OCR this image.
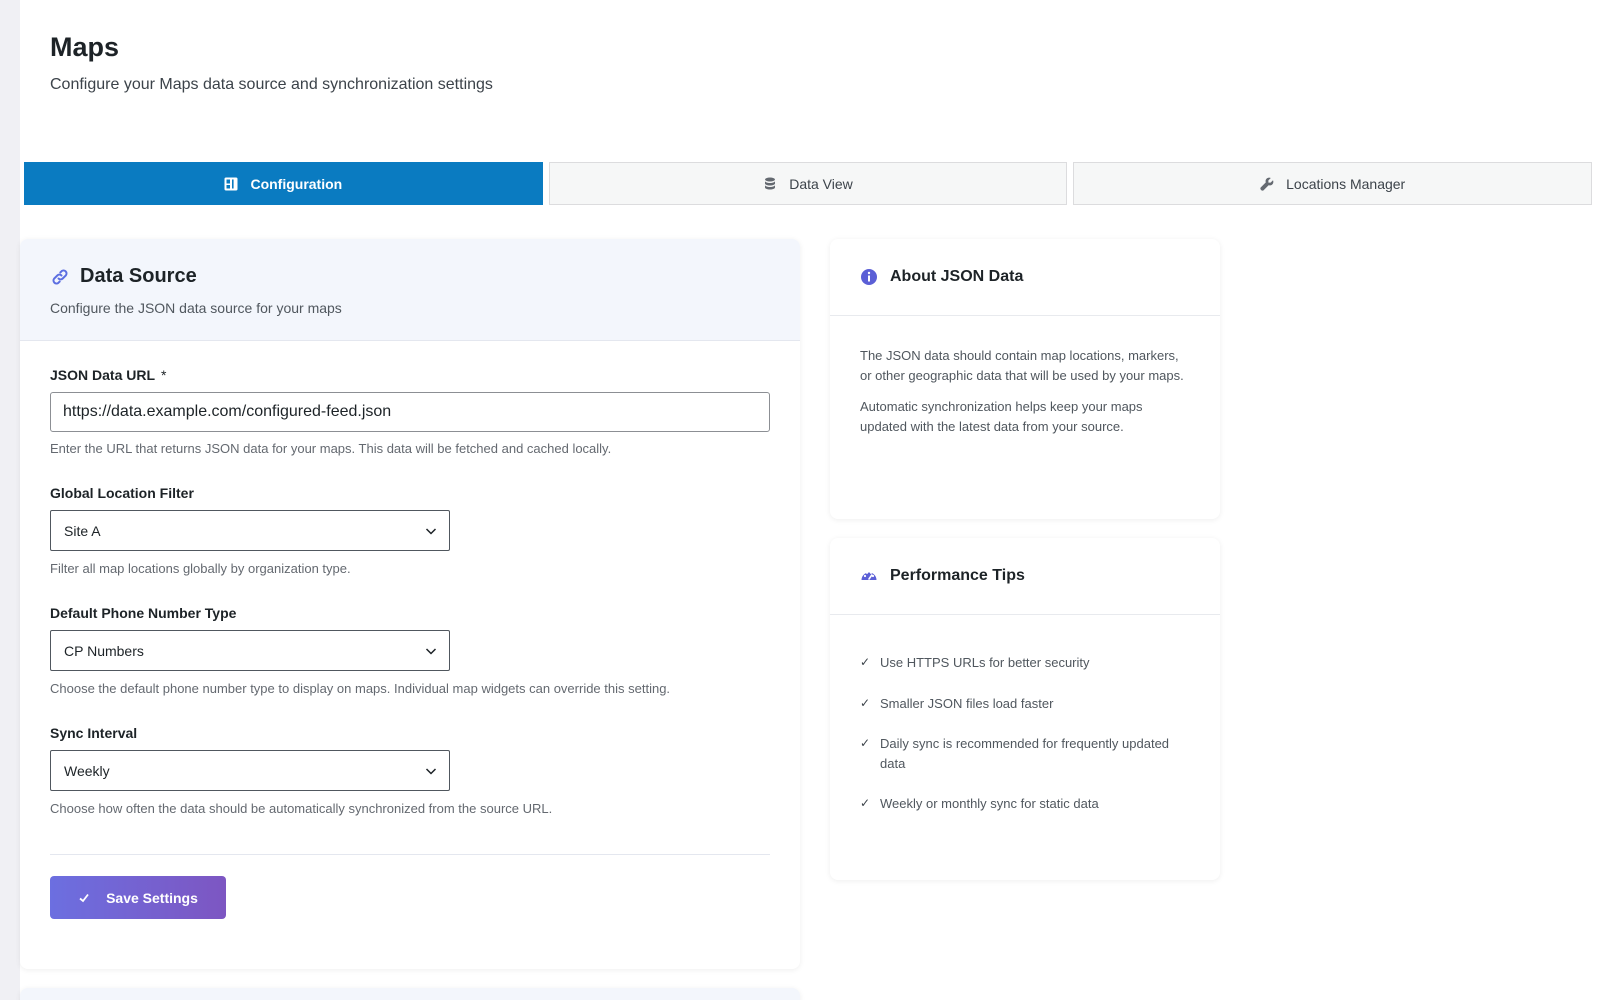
Maps

Configure your Maps data source and synchronization settings

Configuration	Data View	Locations Manager
Data Source

Configure the JSON data source for your maps

JSON Data URL *
https://data.example.com/configured-feed.json

Enter the URL that returns JSON data for your maps. This data will be fetched and cached locally.

Global Location Filter
Site A

Filter all map locations globally by organization type.

Default Phone Number Type
CP Numbers

Choose the default phone number type to display on maps. Individual map widgets can override this setting.

Sync Interval
Weekly

Choose how often the data should be automatically synchronized from the source URL.

Save Settings
About JSON Data

The JSON data should contain map locations, markers, or other geographic data that will be used by your maps.

Automatic synchronization helps keep your maps updated with the latest data from your source.

Performance Tips
✓ Use HTTPS URLs for better security
✓ Smaller JSON files load faster
✓ Daily sync is recommended for frequently updated data
✓ Weekly or monthly sync for static data
